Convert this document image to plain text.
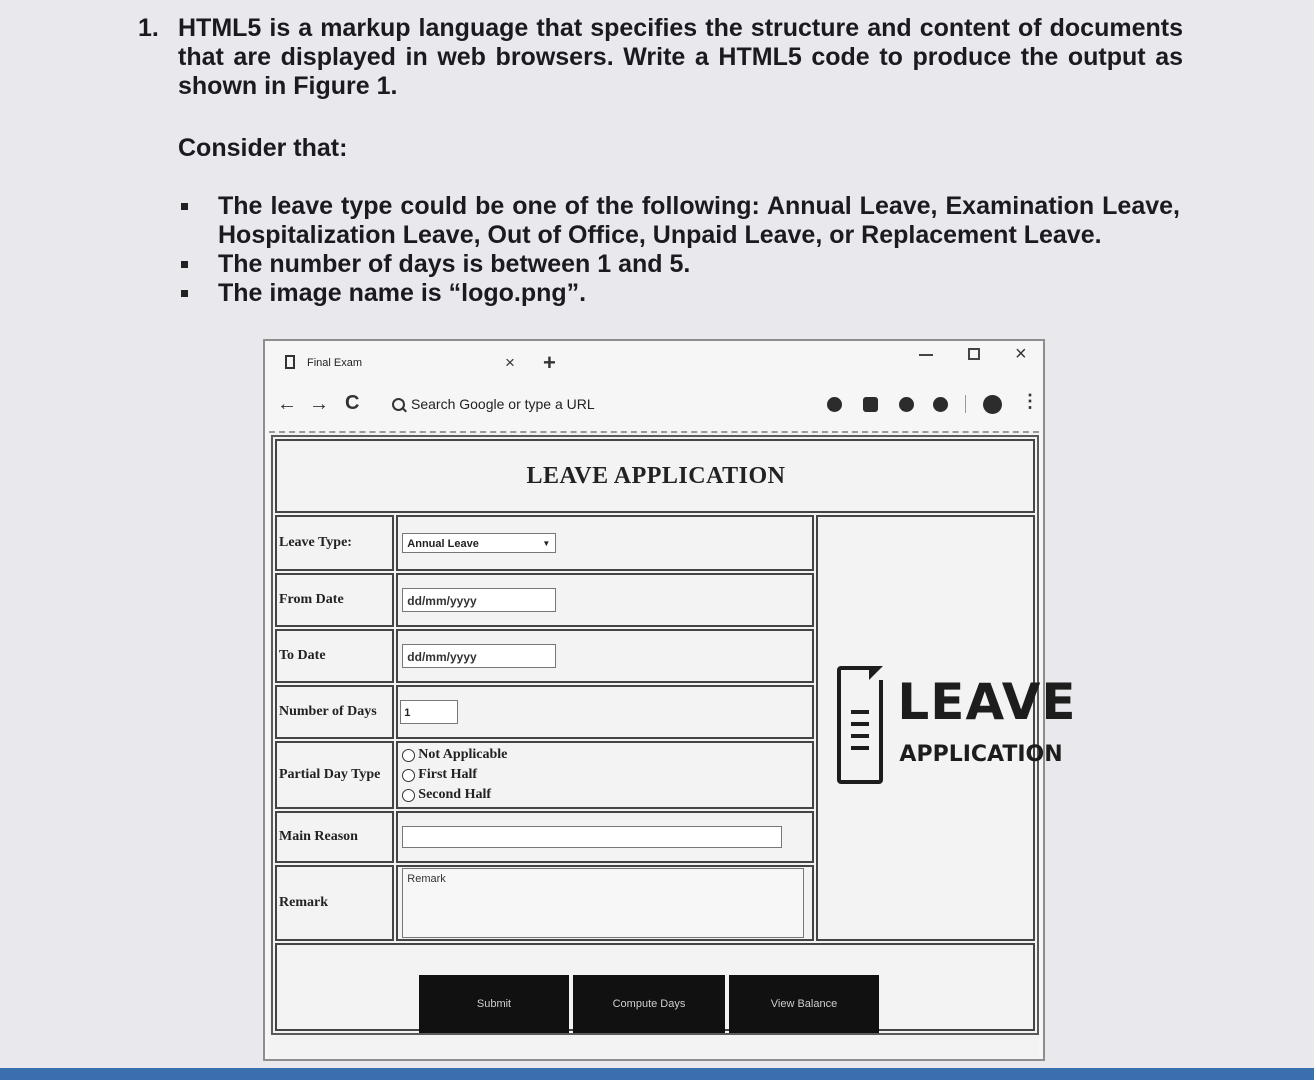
1. HTML5 is a markup language that specifies the structure and content of documents that are displayed in web browsers. Write a HTML5 code to produce the output as shown in Figure 1.
Consider that:
The leave type could be one of the following: Annual Leave, Examination Leave, Hospitalization Leave, Out of Office, Unpaid Leave, or Replacement Leave.
The number of days is between 1 and 5.
The image name is “logo.png”.
Final Exam	× +	×
← → C	Search Google or type a URL	⋮
LEAVE APPLICATION		
Leave Type:	Annual Leave ▼	LEAVE
APPLICATION

From Date	dd/mm/yyyy	

To Date	dd/mm/yyyy	

Number of Days	1	

Partial Day Type	Not Applicable
First Half
Second Half	

Main Reason		

Remark	Remark	

Submit	Compute Days	View Balance
